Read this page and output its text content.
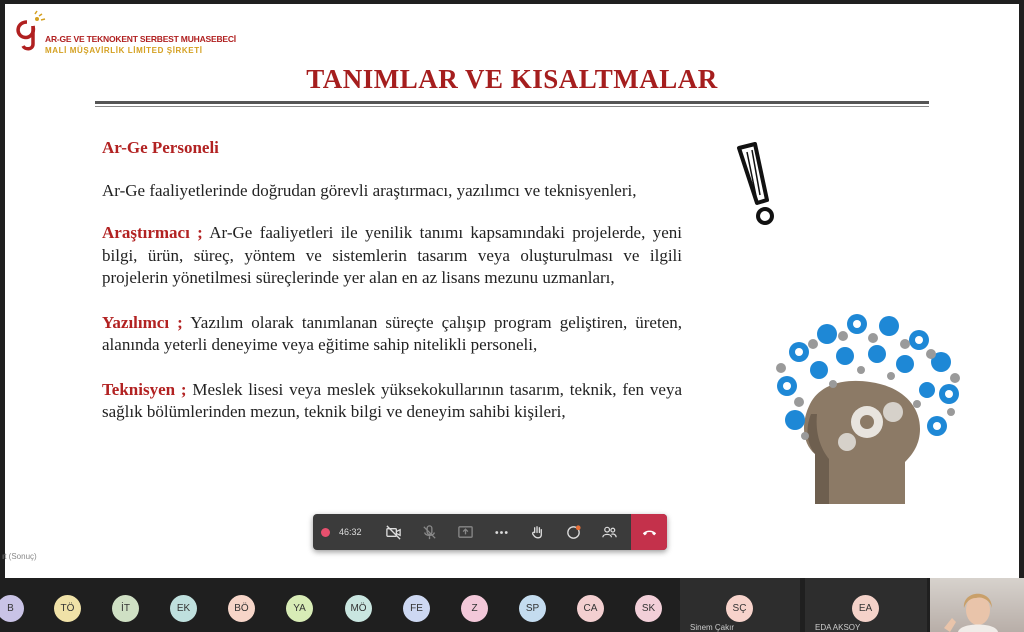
AR-GE VE TEKNOKENT SERBEST MUHASEBECİ
MALİ MÜŞAVİRLİK LİMİTED ŞİRKETİ
TANIMLAR VE KISALTMALAR

Ar-Ge Personeli

Ar-Ge faaliyetlerinde doğrudan görevli araştırmacı, yazılımcı ve teknisyenleri,

Araştırmacı ; Ar-Ge faaliyetleri ile yenilik tanımı kapsamındaki projelerde, yeni bilgi, ürün, süreç, yöntem ve sistemlerin tasarım veya oluşturulması ve ilgili projelerin yönetilmesi süreçlerinde yer alan en az lisans mezunu uzmanları,

Yazılımcı ; Yazılım olarak tanımlanan süreçte çalışıp program geliştiren, üreten, alanında yeterli deneyime veya eğitime sahip nitelikli personeli,

Teknisyen ; Meslek lisesi veya meslek yüksekokullarının tasarım, teknik, fen veya sağlık bölümlerinden mezun, teknik bilgi ve deneyim sahibi kişileri,

ıt (Sonuç)
46:32
B	TÖ	İT	EK	BÖ	YA	MÖ	FE	Z	SP	CA	SK	SÇ
Sinem Çakır
EA
EDA AKSOY
